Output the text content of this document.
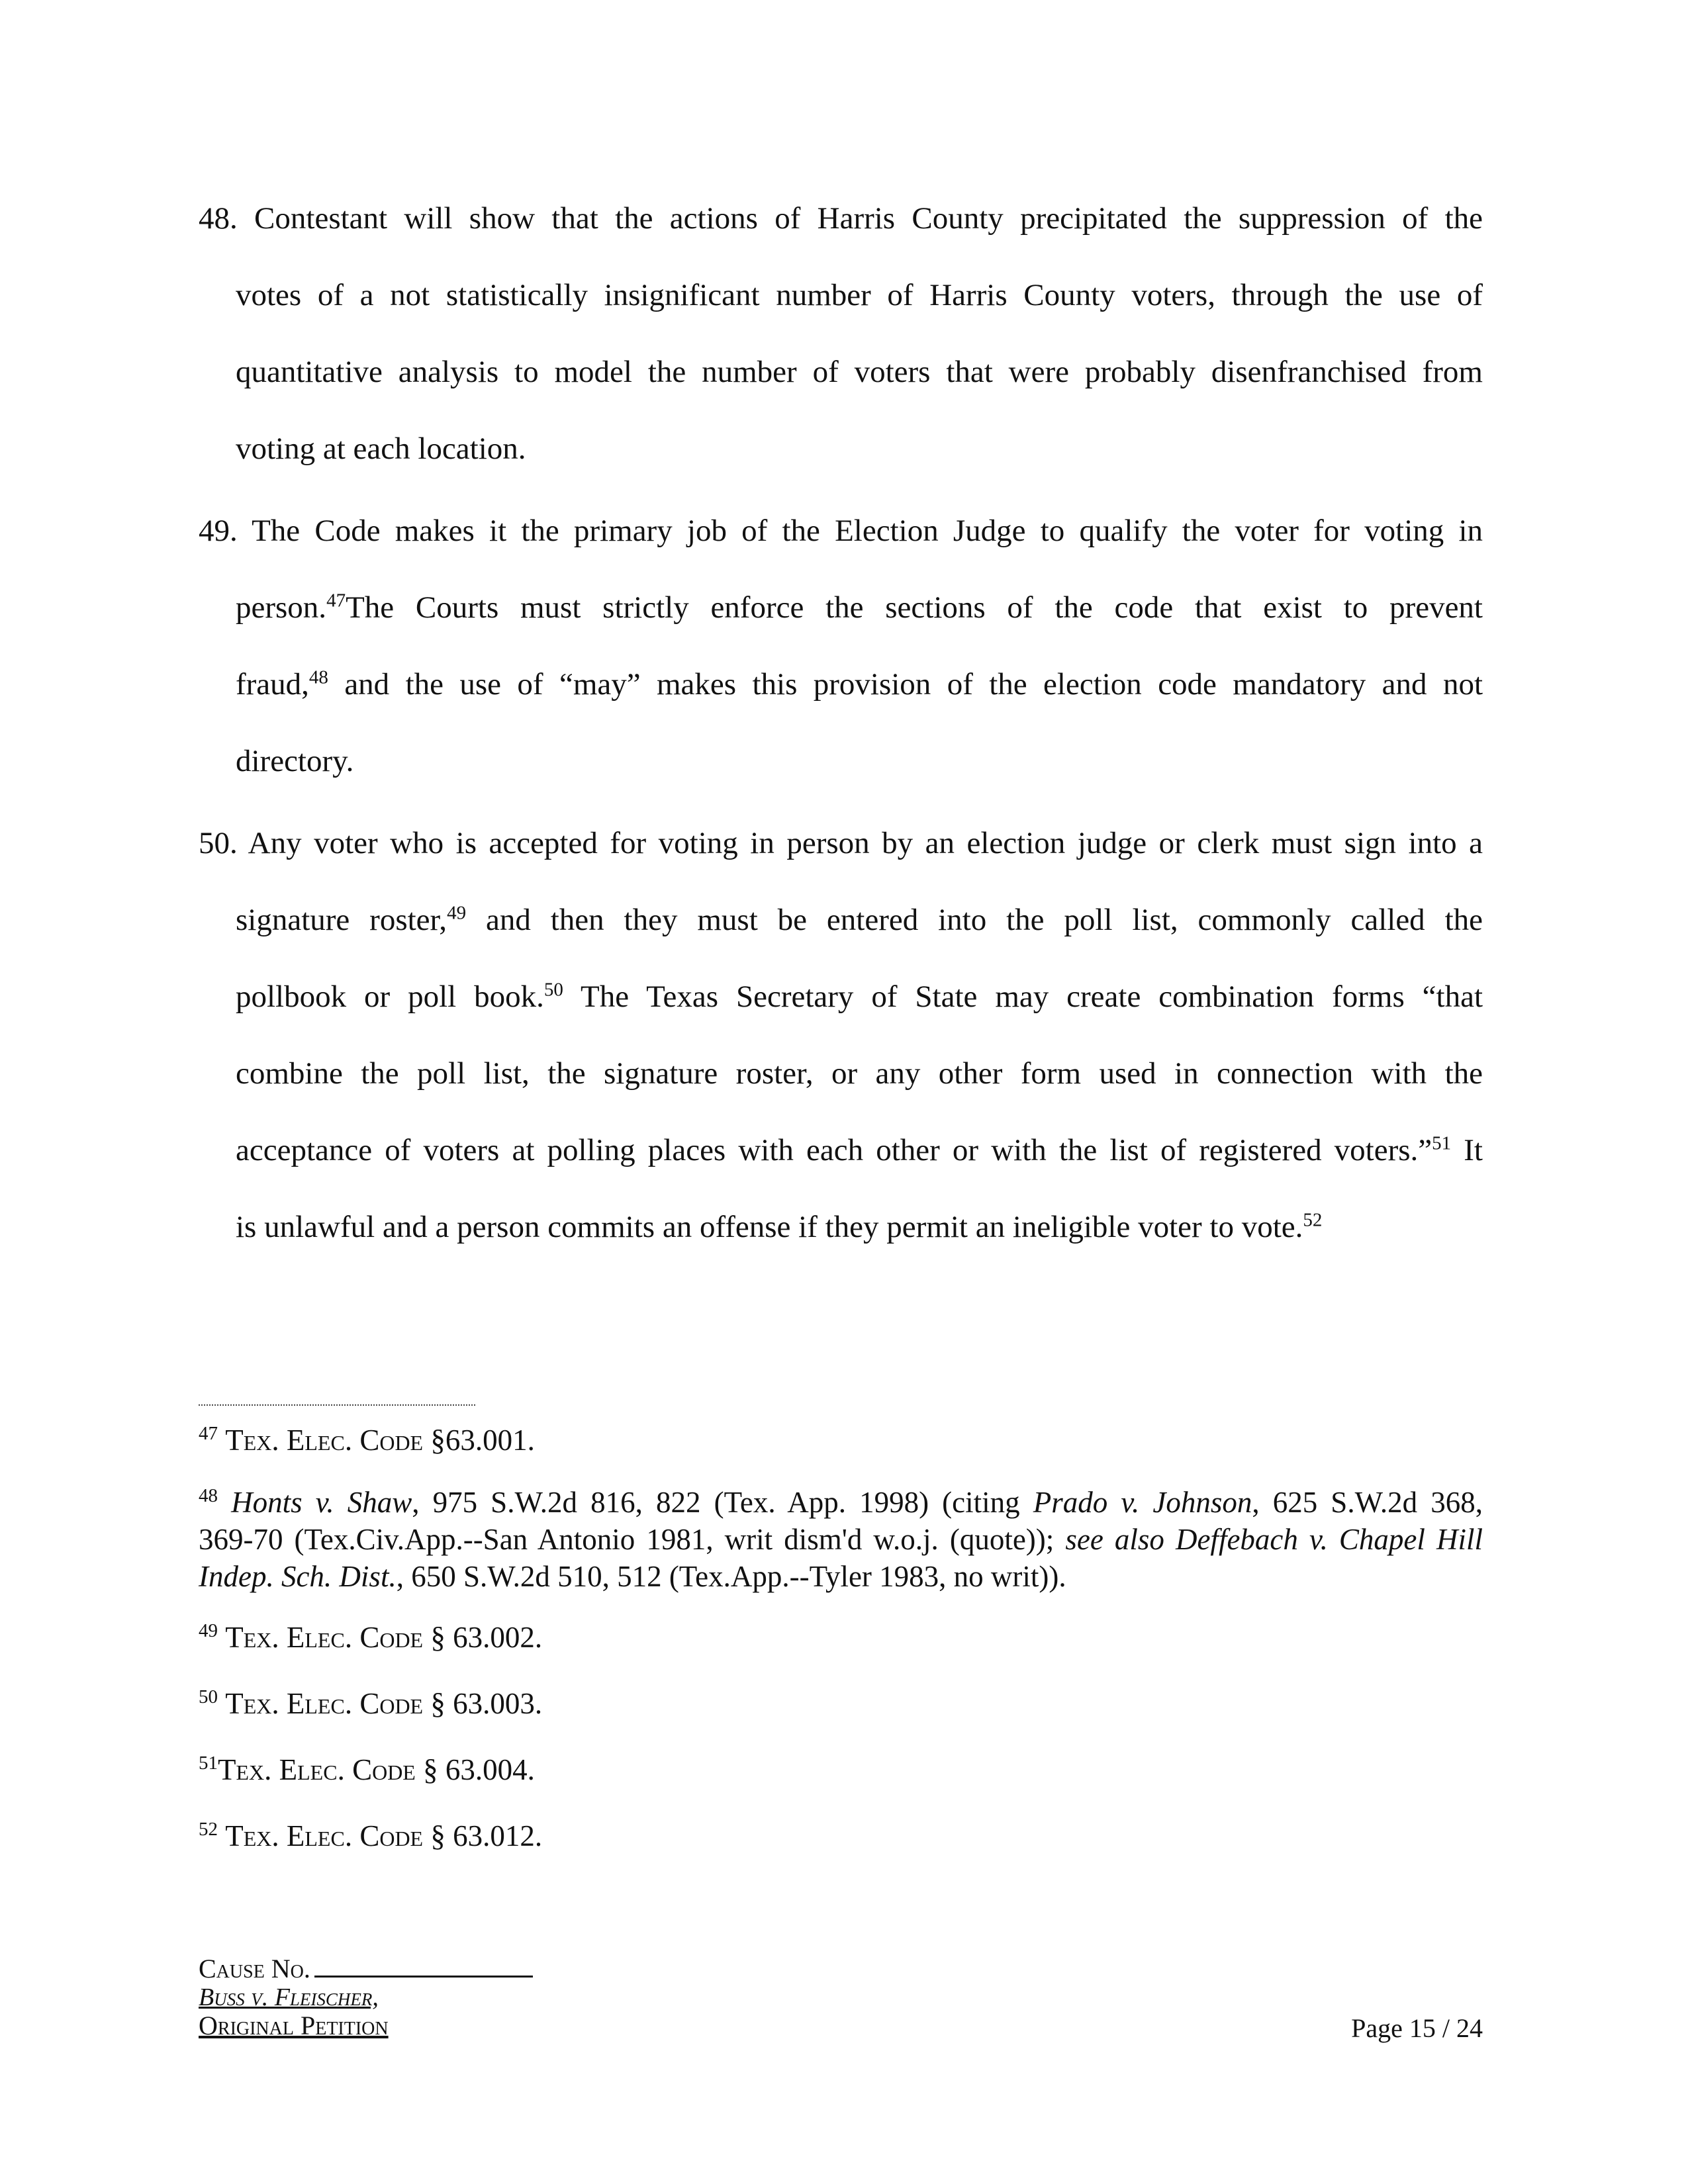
48. Contestant will show that the actions of Harris County precipitated the suppression of the
votes of a not statistically insignificant number of Harris County voters, through the use of
quantitative analysis to model the number of voters that were probably disenfranchised from
voting at each location.
49. The Code makes it the primary job of the Election Judge to qualify the voter for voting in
person.$^{47}$The Courts must strictly enforce the sections of the code that exist to prevent
fraud,$^{48}$ and the use of “may” makes this provision of the election code mandatory and not
directory.
50. Any voter who is accepted for voting in person by an election judge or clerk must sign into a
signature roster,$^{49}$ and then they must be entered into the poll list, commonly called the
pollbook or poll book.$^{50}$ The Texas Secretary of State may create combination forms “that
combine the poll list, the signature roster, or any other form used in connection with the
acceptance of voters at polling places with each other or with the list of registered voters.”$^{51}$ It
is unlawful and a person commits an offense if they permit an ineligible voter to vote.$^{52}$
$^{47}$ Tex. Elec. Code §63.001.
$^{48}$ Honts v. Shaw, 975 S.W.2d 816, 822 (Tex. App. 1998) (citing Prado v. Johnson, 625 S.W.2d 368,
369-70 (Tex.Civ.App.--San Antonio 1981, writ dism'd w.o.j. (quote)); see also Deffebach v. Chapel Hill
Indep. Sch. Dist., 650 S.W.2d 510, 512 (Tex.App.--Tyler 1983, no writ)).
$^{49}$ Tex. Elec. Code § 63.002.
$^{50}$ Tex. Elec. Code § 63.003.
$^{51}$Tex. Elec. Code § 63.004.
$^{52}$ Tex. Elec. Code § 63.012.
Cause No.
Buss v. Fleischer,
Original Petition	Page 15 / 24
